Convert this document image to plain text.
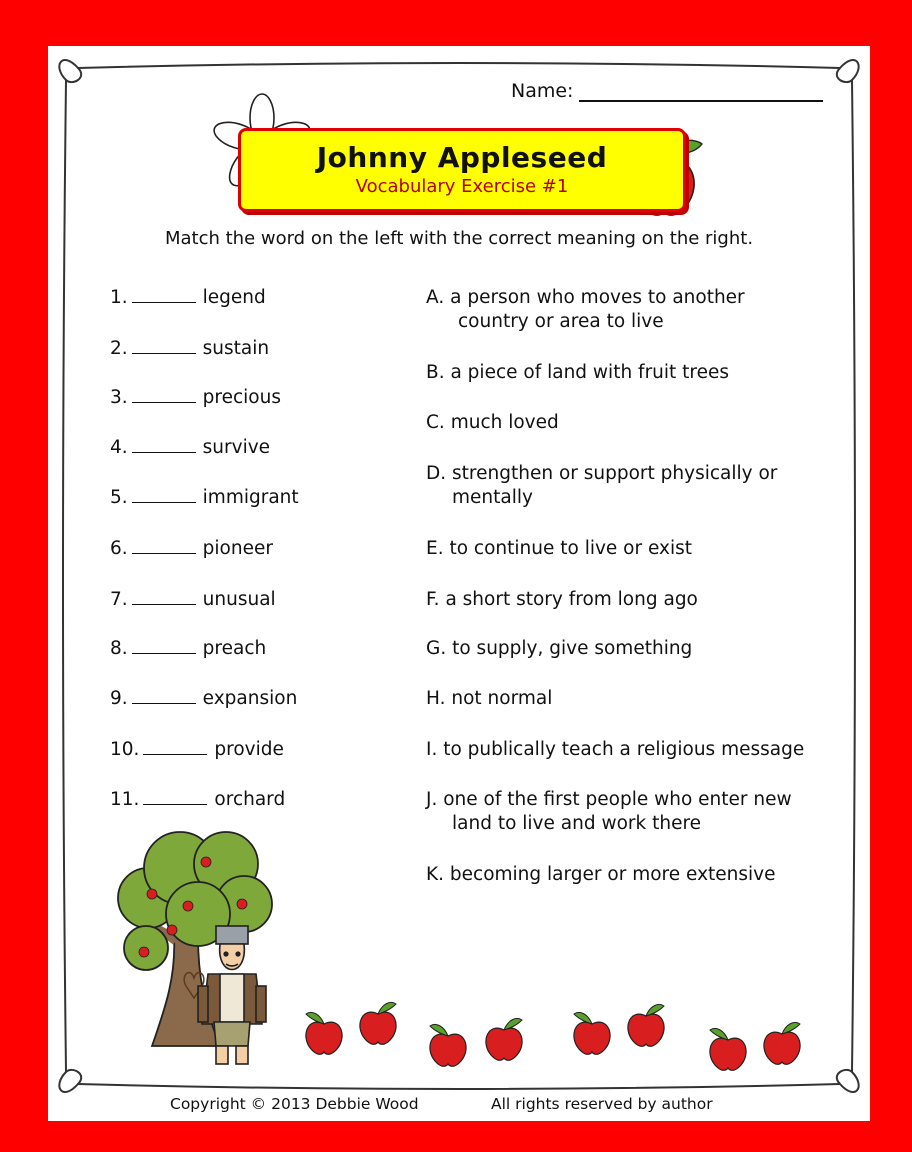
Name:
Johnny Appleseed
Vocabulary Exercise #1
Match the word on the left with the correct meaning on the right.
1.	legend
2.	sustain
3.	precious
4.	survive
5.	immigrant
6.	pioneer
7.	unusual
8.	preach
9.	expansion
10.	provide
11.	orchard
A. a person who moves to another
country or area to live
B. a piece of land with fruit trees
C. much loved
D. strengthen or support physically or
mentally
E. to continue to live or exist
F. a short story from long ago
G. to supply, give something
H. not normal
I. to publically teach a religious message
J. one of the first people who enter new
land to live and work there
K. becoming larger or more extensive
Copyright © 2013 Debbie Wood	All rights reserved by author
